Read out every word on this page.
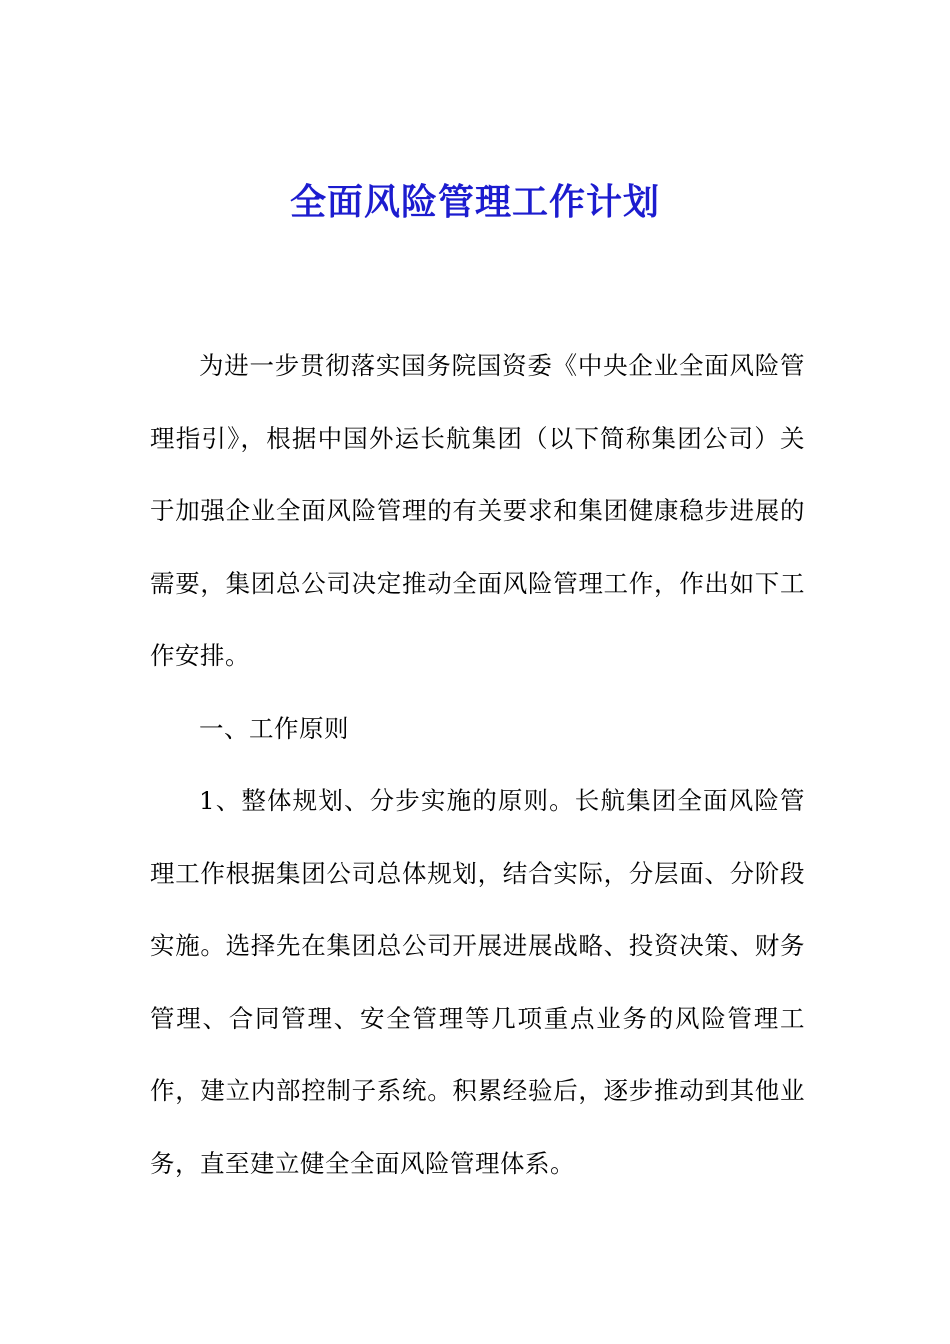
全面风险管理工作计划

为进一步贯彻落实国务院国资委《中央企业全面风险管理指引》，根据中国外运长航集团（以下简称集团公司）关于加强企业全面风险管理的有关要求和集团健康稳步进展的需要，集团总公司决定推动全面风险管理工作，作出如下工作安排。

一、工作原则

1、整体规划、分步实施的原则。长航集团全面风险管理工作根据集团公司总体规划，结合实际，分层面、分阶段实施。选择先在集团总公司开展进展战略、投资决策、财务管理、合同管理、安全管理等几项重点业务的风险管理工作，建立内部控制子系统。积累经验后，逐步推动到其他业务，直至建立健全全面风险管理体系。
